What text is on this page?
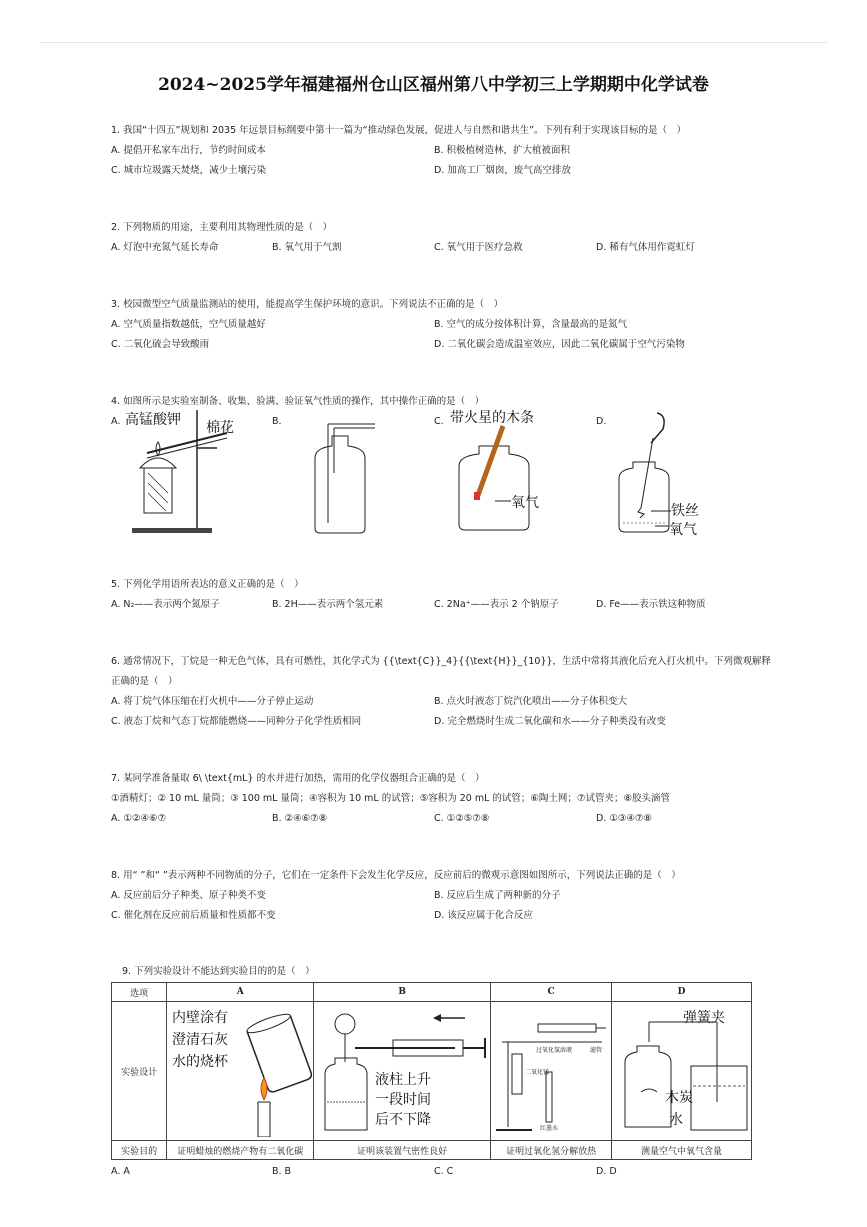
2024~2025学年福建福州仓山区福州第八中学初三上学期期中化学试卷
1. 我国“十四五”规划和 2035 年远景目标纲要中第十一篇为“推动绿色发展，促进人与自然和谐共生”。下列有利于实现该目标的是（　）
A. 提倡开私家车出行，节约时间成本	B. 积极植树造林，扩大植被面积
C. 城市垃圾露天焚烧，减少土壤污染	D. 加高工厂烟囱，废气高空排放
2. 下列物质的用途，主要利用其物理性质的是（　）
A. 灯泡中充氮气延长寿命	B. 氧气用于气割	C. 氧气用于医疗急救	D. 稀有气体用作霓虹灯
3. 校园微型空气质量监测站的使用，能提高学生保护环境的意识。下列说法不正确的是（　）
A. 空气质量指数越低，空气质量越好	B. 空气的成分按体积计算，含量最高的是氮气
C. 二氧化硫会导致酸雨	D. 二氧化碳会造成温室效应，因此二氧化碳属于空气污染物
4. 如图所示是实验室制备、收集、验满、验证氧气性质的操作，其中操作正确的是（　）
A.	B.	C.	D.
高锰酸钾 棉花
带火星的木条
氧气	铁丝
氧气
5. 下列化学用语所表达的意义正确的是（　）
A. N₂——表示两个氮原子	B. 2H——表示两个氢元素	C. 2Na⁺——表示 2 个钠原子	D. Fe——表示铁这种物质
6. 通常情况下，丁烷是一种无色气体，具有可燃性，其化学式为 {{\text{C}}_4}{{\text{H}}_{10}}，生活中常将其液化后充入打火机中。下列微观解释
正确的是（　）
A. 将丁烷气体压缩在打火机中——分子停止运动	B. 点火时液态丁烷汽化喷出——分子体积变大
C. 液态丁烷和气态丁烷都能燃烧——同种分子化学性质相同	D. 完全燃烧时生成二氧化碳和水——分子种类没有改变
7. 某同学准备量取 6\ \text{mL} 的水并进行加热，需用的化学仪器组合正确的是（　）
①酒精灯；② 10 mL 量筒；③ 100 mL 量筒；④容积为 10 mL 的试管；⑤容积为 20 mL 的试管；⑥陶土网；⑦试管夹；⑧胶头滴管
A. ①②④⑥⑦	B. ②④⑥⑦⑧	C. ①②⑤⑦⑧	D. ①③④⑦⑧
8. 用“ ”和“ ”表示两种不同物质的分子，它们在一定条件下会发生化学反应，反应前后的微观示意图如图所示，下列说法正确的是（　）
A. 反应前后分子种类、原子种类不变	B. 反应后生成了两种新的分子
C. 催化剂在反应前后质量和性质都不变	D. 该反应属于化合反应
9. 下列实验设计不能达到实验目的的是（　）
选项	A	B	C	D
实验设计	内壁涂有
澄清石灰
水的烧杯	液柱上升
一段时间
后不下降	过氧化氢溶液
二氧化锰
红墨水
滤管	弹簧夹
木炭
水

实验目的	证明蜡烛的燃烧产物有二氧化碳	证明该装置气密性良好	证明过氧化氢分解放热	测量空气中氧气含量
A. A	B. B	C. C	D. D
